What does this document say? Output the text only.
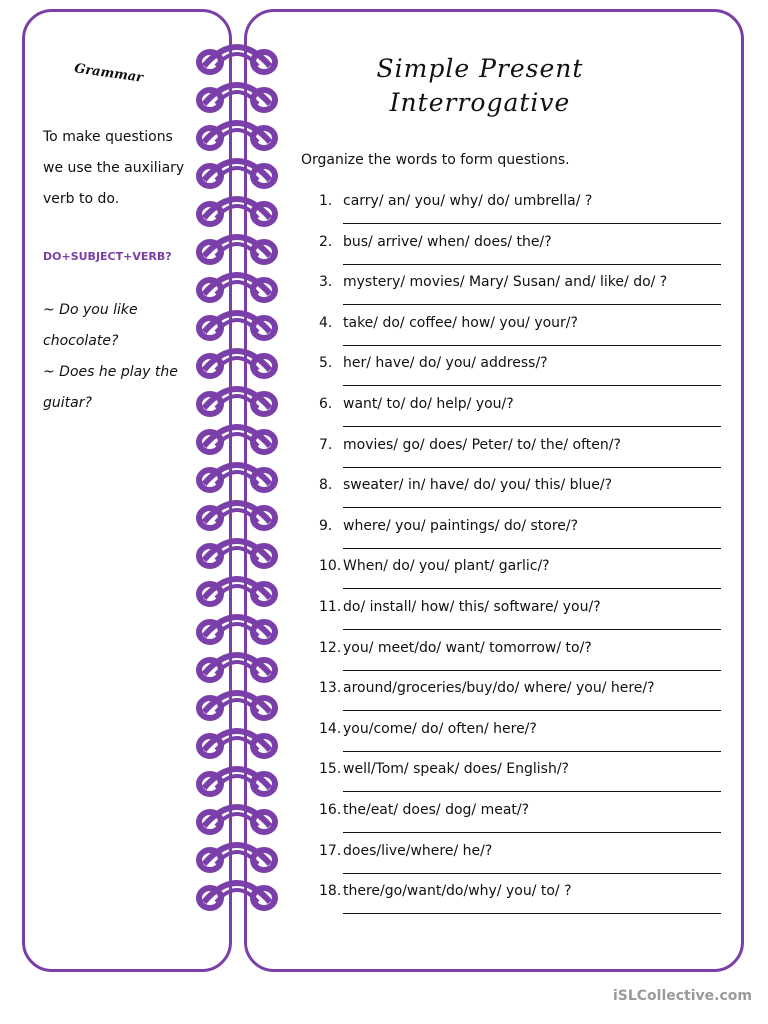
Grammar
To make questions we use the auxiliary verb to do.
DO+SUBJECT+VERB?
~ Do you like chocolate?
~ Does he play the guitar?
Simple Present
Interrogative
Organize the words to form questions.
1. carry/ an/ you/ why/ do/ umbrella/ ?
2. bus/ arrive/ when/ does/ the/?
3. mystery/ movies/ Mary/ Susan/ and/ like/ do/ ?
4. take/ do/ coffee/ how/ you/ your/?
5. her/ have/ do/ you/ address/?
6. want/ to/ do/ help/ you/?
7. movies/ go/ does/ Peter/ to/ the/ often/?
8. sweater/ in/ have/ do/ you/ this/ blue/?
9. where/ you/ paintings/ do/ store/?
10. When/ do/ you/ plant/ garlic/?
11. do/ install/ how/ this/ software/ you/?
12. you/ meet/do/ want/ tomorrow/ to/?
13. around/groceries/buy/do/ where/ you/ here/?
14. you/come/ do/ often/ here/?
15. well/Tom/ speak/ does/ English/?
16. the/eat/ does/ dog/ meat/?
17. does/live/where/ he/?
18. there/go/want/do/why/ you/ to/ ?
iSLCollective.com
